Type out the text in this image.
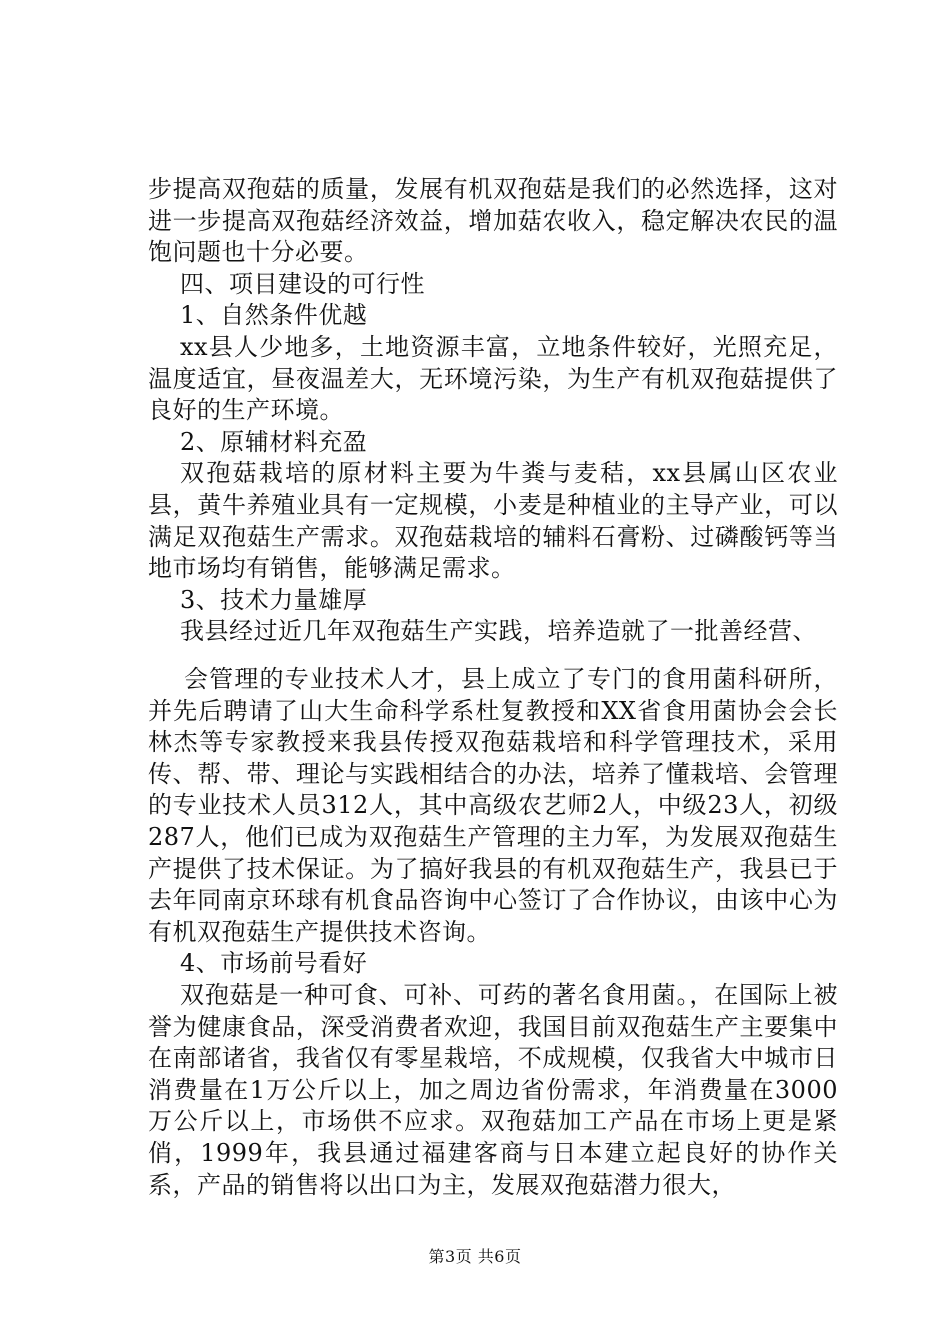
步提高双孢菇的质量，发展有机双孢菇是我们的必然选择，这对进一步提高双孢菇经济效益，增加菇农收入，稳定解决农民的温饱问题也十分必要。

四、项目建设的可行性

1、自然条件优越

xx县人少地多，土地资源丰富，立地条件较好，光照充足，温度适宜，昼夜温差大，无环境污染，为生产有机双孢菇提供了良好的生产环境。

2、原辅材料充盈

双孢菇栽培的原材料主要为牛粪与麦秸，xx县属山区农业县，黄牛养殖业具有一定规模，小麦是种植业的主导产业，可以满足双孢菇生产需求。双孢菇栽培的辅料石膏粉、过磷酸钙等当地市场均有销售，能够满足需求。

3、技术力量雄厚

我县经过近几年双孢菇生产实践，培养造就了一批善经营、

会管理的专业技术人才，县上成立了专门的食用菌科研所，并先后聘请了山大生命科学系杜复教授和XX省食用菌协会会长林杰等专家教授来我县传授双孢菇栽培和科学管理技术，采用传、帮、带、理论与实践相结合的办法，培养了懂栽培、会管理的专业技术人员312人，其中高级农艺师2人，中级23人，初级287人，他们已成为双孢菇生产管理的主力军，为发展双孢菇生产提供了技术保证。为了搞好我县的有机双孢菇生产，我县已于去年同南京环球有机食品咨询中心签订了合作协议，由该中心为有机双孢菇生产提供技术咨询。

4、市场前号看好

双孢菇是一种可食、可补、可药的著名食用菌。，在国际上被誉为健康食品，深受消费者欢迎，我国目前双孢菇生产主要集中在南部诸省，我省仅有零星栽培，不成规模，仅我省大中城市日消费量在1万公斤以上，加之周边省份需求，年消费量在3000万公斤以上，市场供不应求。双孢菇加工产品在市场上更是紧俏，1999年，我县通过福建客商与日本建立起良好的协作关系，产品的销售将以出口为主，发展双孢菇潜力很大，

第3页 共6页
